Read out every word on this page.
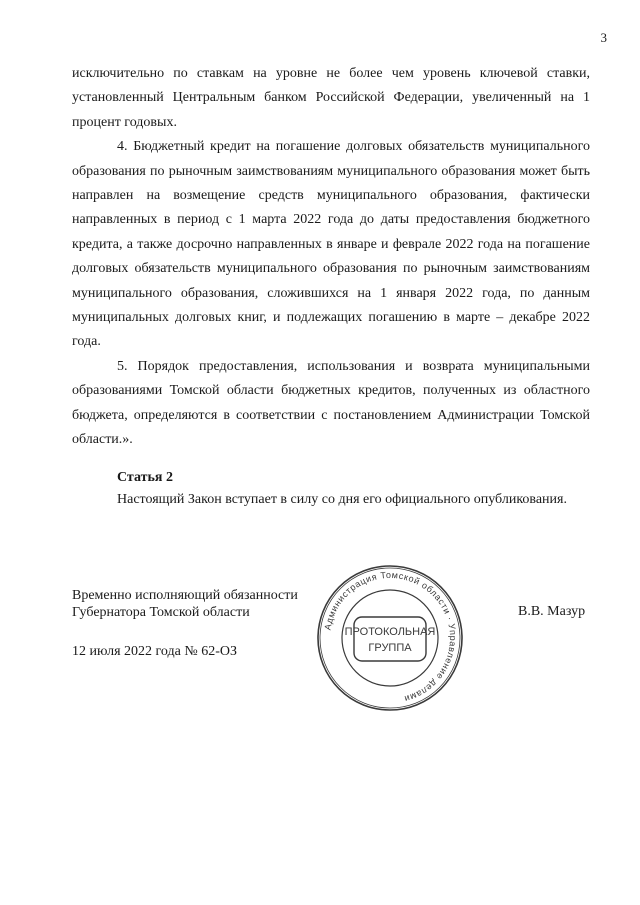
3

исключительно по ставкам на уровне не более чем уровень ключевой ставки, установленный Центральным банком Российской Федерации, увеличенный на 1 процент годовых.

4. Бюджетный кредит на погашение долговых обязательств муниципального образования по рыночным заимствованиям муниципального образования может быть направлен на возмещение средств муниципального образования, фактически направленных в период с 1 марта 2022 года до даты предоставления бюджетного кредита, а также досрочно направленных в январе и феврале 2022 года на погашение долговых обязательств муниципального образования по рыночным заимствованиям муниципального образования, сложившихся на 1 января 2022 года, по данным муниципальных долговых книг, и подлежащих погашению в марте – декабре 2022 года.

5. Порядок предоставления, использования и возврата муниципальными образованиями Томской области бюджетных кредитов, полученных из областного бюджета, определяются в соответствии с постановлением Администрации Томской области.».

Статья 2

Настоящий Закон вступает в силу со дня его официального опубликования.

Временно исполняющий обязанности

Губернатора Томской области

12 июля 2022 года № 62-ОЗ

В.В. Мазур
Администрация Томской области · Управление делами
ПРОТОКОЛЬНАЯ
ГРУППА
